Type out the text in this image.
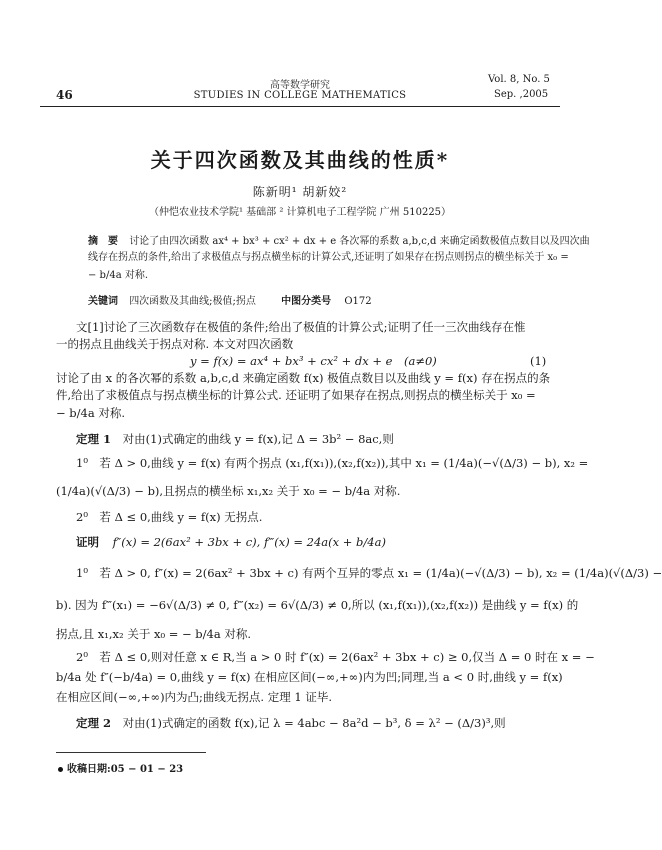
高等数学研究
STUDIES IN COLLEGE MATHEMATICS
46
Vol. 8, No. 5
Sep. ,2005
关于四次函数及其曲线的性质*
陈新明¹ 胡新姣²
（仲恺农业技术学院¹ 基础部 ² 计算机电子工程学院 广州 510225）
摘　要 讨论了由四次函数 ax⁴ + bx³ + cx² + dx + e 各次幂的系数 a,b,c,d 来确定函数极值点数目以及四次曲
线存在拐点的条件,给出了求极值点与拐点横坐标的计算公式,还证明了如果存在拐点则拐点的横坐标关于 x₀ =
− b/4a 对称.
关键词 四次函数及其曲线;极值;拐点	中图分类号 O172
文[1]讨论了三次函数存在极值的条件;给出了极值的计算公式;证明了任一三次曲线存在惟
一的拐点且曲线关于拐点对称. 本文对四次函数
y = f(x) = ax⁴ + bx³ + cx² + dx + e　(a≠0)	(1)
讨论了由 x 的各次幂的系数 a,b,c,d 来确定函数 f(x) 极值点数目以及曲线 y = f(x) 存在拐点的条
件,给出了求极值点与拐点横坐标的计算公式. 还证明了如果存在拐点,则拐点的横坐标关于 x₀ =
− b/4a 对称.
定理 1 对由(1)式确定的曲线 y = f(x),记 Δ = 3b² − 8ac,则
1⁰　若 Δ > 0,曲线 y = f(x) 有两个拐点 (x₁,f(x₁)),(x₂,f(x₂)),其中 x₁ = (1/4a)(−√(Δ/3) − b), x₂ =
(1/4a)(√(Δ/3) − b),且拐点的横坐标 x₁,x₂ 关于 x₀ = − b/4a 对称.
2⁰　若 Δ ≤ 0,曲线 y = f(x) 无拐点.
证明 f″(x) = 2(6ax² + 3bx + c), f‴(x) = 24a(x + b/4a)
1⁰　若 Δ > 0, f″(x) = 2(6ax² + 3bx + c) 有两个互异的零点 x₁ = (1/4a)(−√(Δ/3) − b), x₂ = (1/4a)(√(Δ/3) −
b). 因为 f‴(x₁) = −6√(Δ/3) ≠ 0, f‴(x₂) = 6√(Δ/3) ≠ 0,所以 (x₁,f(x₁)),(x₂,f(x₂)) 是曲线 y = f(x) 的
拐点,且 x₁,x₂ 关于 x₀ = − b/4a 对称.
2⁰　若 Δ ≤ 0,则对任意 x ∈ R,当 a > 0 时 f″(x) = 2(6ax² + 3bx + c) ≥ 0,仅当 Δ = 0 时在 x = −
b/4a 处 f″(−b/4a) = 0,曲线 y = f(x) 在相应区间(−∞,+∞)内为凹;同理,当 a < 0 时,曲线 y = f(x)
在相应区间(−∞,+∞)内为凸;曲线无拐点. 定理 1 证毕.
定理 2 对由(1)式确定的函数 f(x),记 λ = 4abc − 8a²d − b³, δ = λ² − (Δ/3)³,则
收稿日期:05 − 01 − 23
